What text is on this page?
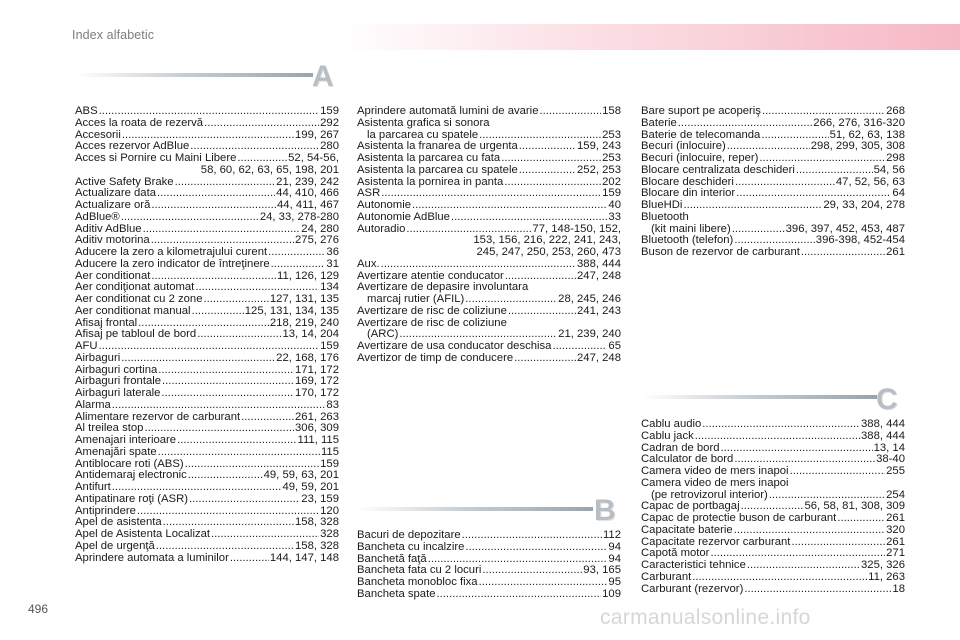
Index alfabetic
A
B
C
ABS .....	159
Acces la roata de rezervă .....	292
Accesorii .....	199, 267
Acces rezervor AdBlue .....	280
Acces si Pornire cu Maini Libere .....	52, 54-56,
58, 60, 62, 63, 65, 198, 201
Active Safety Brake .....	21, 239, 242
Actualizare data .....	44, 410, 466
Actualizare oră .....	44, 411, 467
AdBlue® .....	24, 33, 278-280
Aditiv AdBlue .....	24, 280
Aditiv motorina .....	275, 276
Aducere la zero a kilometrajului curent .....	36
Aducere la zero indicator de întreţinere .....	31
Aer conditionat .....	11, 126, 129
Aer condiţionat automat .....	134
Aer conditionat cu 2 zone .....	127, 131, 135
Aer conditionat manual .....	125, 131, 134, 135
Afisaj frontal .....	218, 219, 240
Afisaj pe tabloul de bord .....	13, 14, 204
AFU .....	159
Airbaguri .....	22, 168, 176
Airbaguri cortina .....	171, 172
Airbaguri frontale .....	169, 172
Airbaguri laterale .....	170, 172
Alarma .....	83
Alimentare rezervor de carburant .....	261, 263
Al treilea stop .....	306, 309
Amenajari interioare .....	111, 115
Amenajări spate .....	115
Antiblocare roti (ABS) .....	159
Antidemaraj electronic .....	49, 59, 63, 201
Antifurt .....	49, 59, 201
Antipatinare roţi (ASR) .....	23, 159
Antiprindere .....	120
Apel de asistenta .....	158, 328
Apel de Asistenta Localizat .....	328
Apel de urgenţă .....	158, 328
Aprindere automata a luminilor .....	144, 147, 148
Aprindere automată lumini de avarie .....	158
Asistenta grafica si sonora
la parcarea cu spatele .....	253
Asistenta la franarea de urgenta .....	159, 243
Asistenta la parcarea cu fata .....	253
Asistenta la parcarea cu spatele .....	252, 253
Asistenta la pornirea in panta .....	202
ASR .....	159
Autonomie .....	40
Autonomie AdBlue .....	33
Autoradio .....	77, 148-150, 152,
153, 156, 216, 222, 241, 243,
245, 247, 250, 253, 260, 473
Aux. .....	388, 444
Avertizare atentie conducator .....	247, 248
Avertizare de depasire involuntara
marcaj rutier (AFIL) .....	28, 245, 246
Avertizare de risc de coliziune .....	241, 243
Avertizare de risc de coliziune
(ARC) .....	21, 239, 240
Avertizare de usa conducator deschisa .....	65
Avertizor de timp de conducere .....	247, 248
Bacuri de depozitare .....	112
Bancheta cu incalzire .....	94
Banchetă faţă .....	94
Bancheta fata cu 2 locuri .....	93, 165
Bancheta monobloc fixa .....	95
Bancheta spate .....	109
Bare suport pe acoperiş .....	268
Baterie .....	266, 276, 316-320
Baterie de telecomanda .....	51, 62, 63, 138
Becuri (inlocuire) .....	298, 299, 305, 308
Becuri (inlocuire, reper) .....	298
Blocare centralizata deschideri .....	54, 56
Blocare deschideri .....	47, 52, 56, 63
Blocare din interior .....	64
BlueHDi .....	29, 33, 204, 278
Bluetooth
(kit maini libere) .....	396, 397, 452, 453, 487
Bluetooth (telefon) .....	396-398, 452-454
Buson de rezervor de carburant .....	261
Cablu audio .....	388, 444
Cablu jack .....	388, 444
Cadran de bord .....	13, 14
Calculator de bord .....	38-40
Camera video de mers inapoi .....	255
Camera video de mers inapoi
(pe retrovizorul interior) .....	254
Capac de portbagaj .....	56, 58, 81, 308, 309
Capac de protectie buson de carburant .....	261
Capacitate baterie .....	320
Capacitate rezervor carburant .....	261
Capotă motor .....	271
Caracteristici tehnice .....	325, 326
Carburant .....	11, 263
Carburant (rezervor) .....	18
496	carmanualsonline.info
